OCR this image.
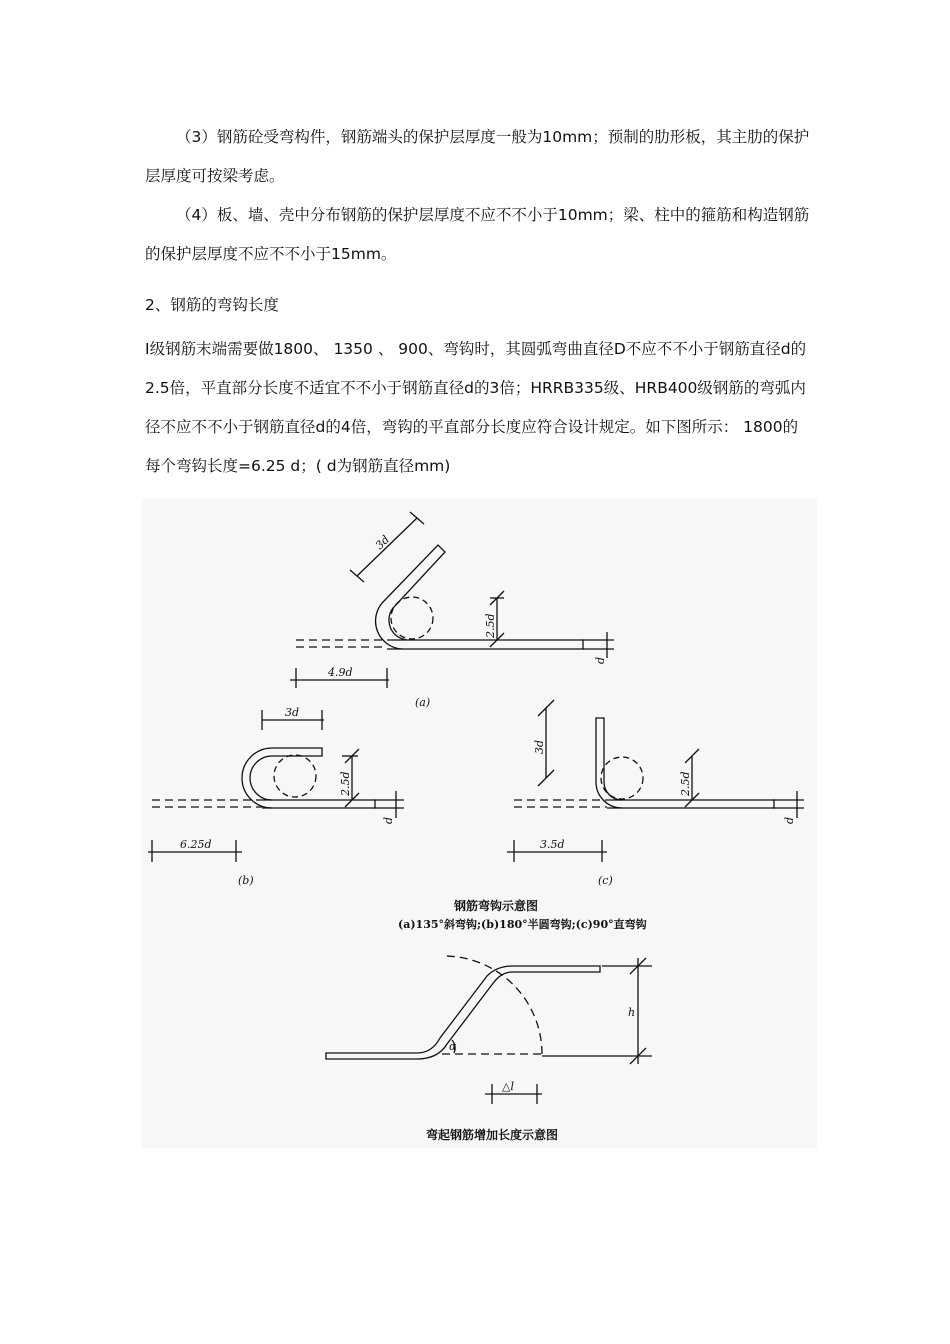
（3）钢筋砼受弯构件，钢筋端头的保护层厚度一般为10mm；预制的肋形板，其主肋的保护层厚度可按梁考虑。

（4）板、墙、壳中分布钢筋的保护层厚度不应不不小于10mm；梁、柱中的箍筋和构造钢筋的保护层厚度不应不不小于15mm。

2、钢筋的弯钩长度

Ⅰ级钢筋末端需要做1800、 1350 、 900、弯钩时，其圆弧弯曲直径D不应不不小于钢筋直径d的2.5倍，平直部分长度不适宜不不小于钢筋直径d的3倍；HRRB335级、HRB400级钢筋的弯弧内径不应不不小于钢筋直径d的4倍，弯钩的平直部分长度应符合设计规定。如下图所示： 1800的每个弯钩长度=6.25 d；( d为钢筋直径mm)

3d
2.5d
d
4.9d
(a)
3d
2.5d
d
6.25d
(b)
3d
2.5d
d
3.5d
(c)
钢筋弯钩示意图
(a)135°斜弯钩;(b)180°半圆弯钩;(c)90°直弯钩
h
α
△l
弯起钢筋增加长度示意图
